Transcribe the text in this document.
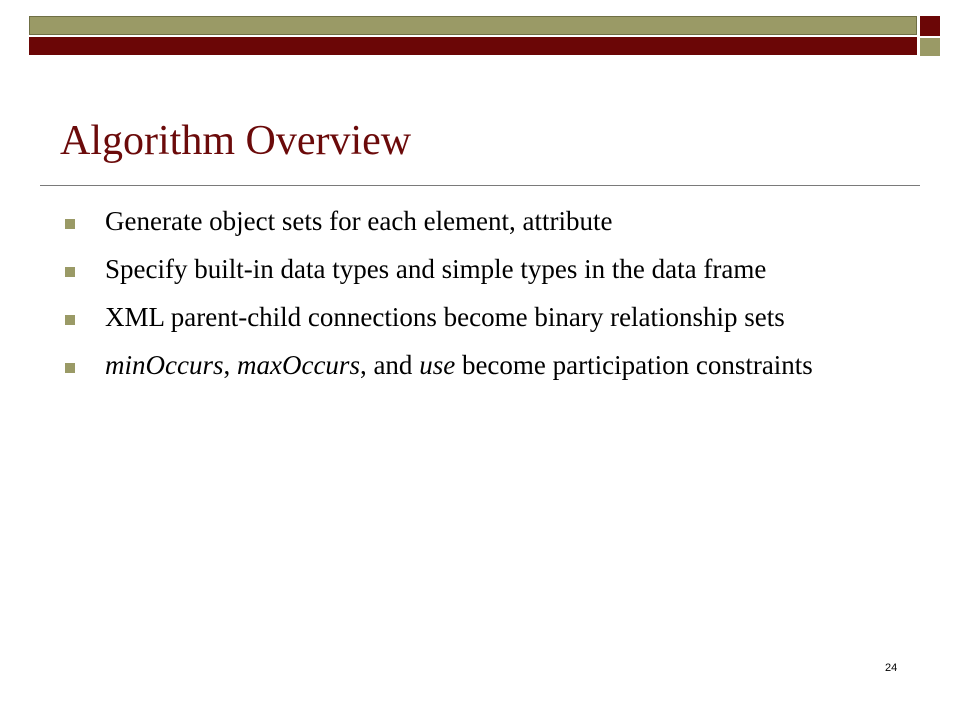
Algorithm Overview
Generate object sets for each element, attribute
Specify built-in data types and simple types in the data frame
XML parent-child connections become binary relationship sets
minOccurs, maxOccurs, and use become participation constraints
24
